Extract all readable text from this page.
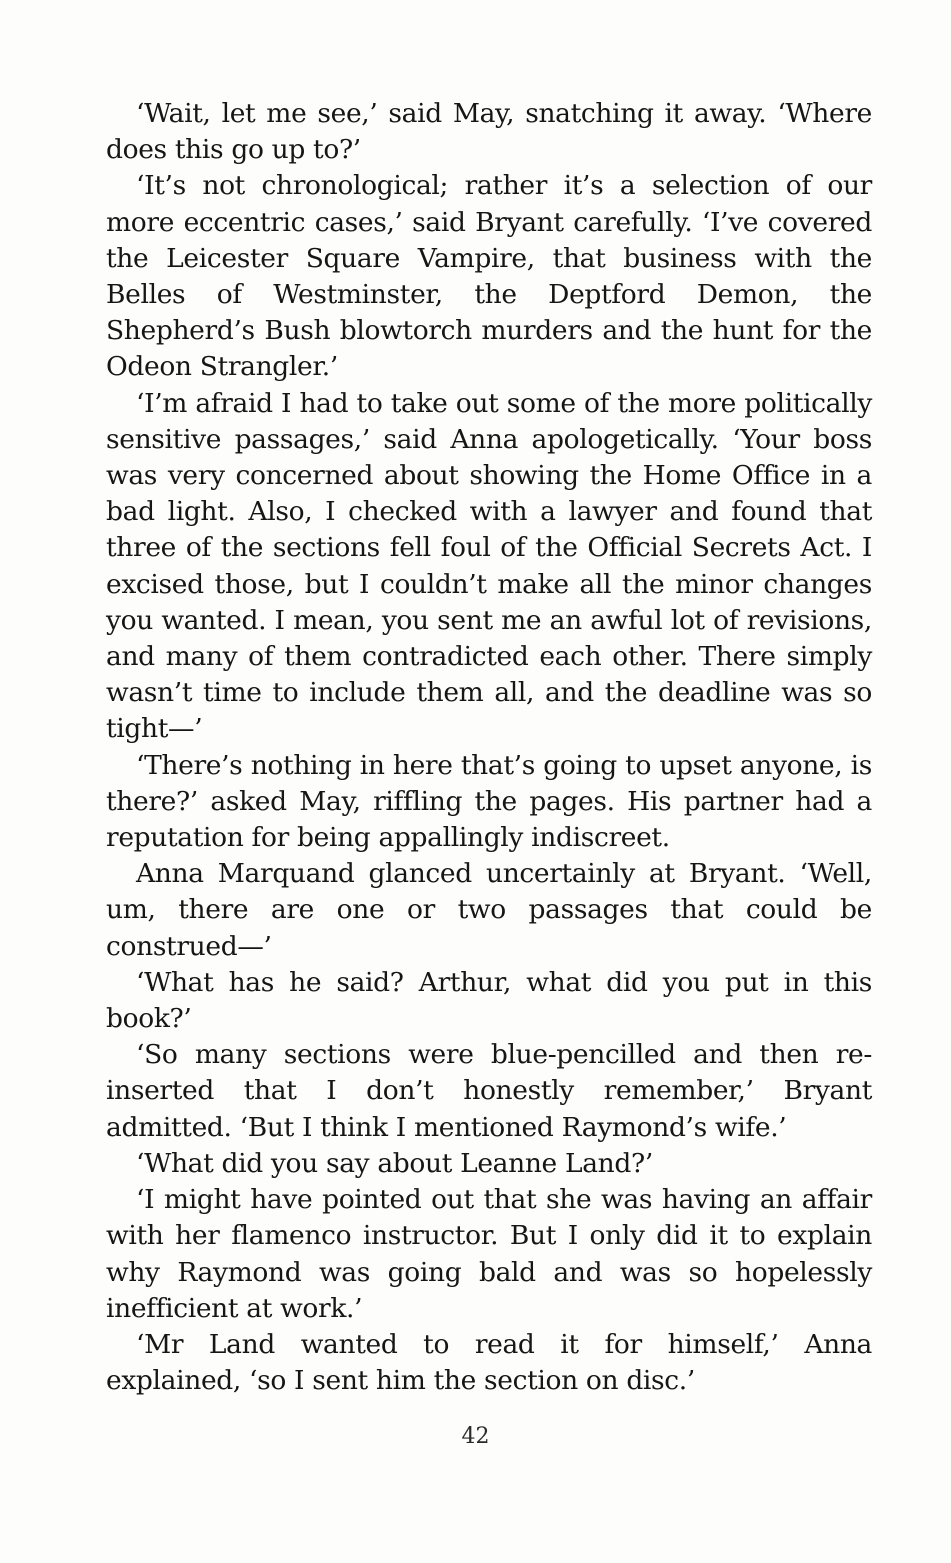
‘Wait, let me see,’ said May, snatching it away. ‘Where does this go up to?’

‘It’s not chronological; rather it’s a selection of our more eccentric cases,’ said Bryant carefully. ‘I’ve covered the Leicester Square Vampire, that business with the Belles of Westminster, the Deptford Demon, the Shepherd’s Bush blowtorch murders and the hunt for the Odeon Strangler.’

‘I’m afraid I had to take out some of the more politically sensitive passages,’ said Anna apologetically. ‘Your boss was very concerned about showing the Home Office in a bad light. Also, I checked with a lawyer and found that three of the sections fell foul of the Official Secrets Act. I excised those, but I couldn’t make all the minor changes you wanted. I mean, you sent me an awful lot of revisions, and many of them contradicted each other. There simply wasn’t time to include them all, and the deadline was so tight—’

‘There’s nothing in here that’s going to upset anyone, is there?’ asked May, riffling the pages. His partner had a reputation for being appallingly indiscreet.

Anna Marquand glanced uncertainly at Bryant. ‘Well, um, there are one or two passages that could be construed—’

‘What has he said? Arthur, what did you put in this book?’

‘So many sections were blue-pencilled and then re-inserted that I don’t honestly remember,’ Bryant admitted. ‘But I think I mentioned Raymond’s wife.’

‘What did you say about Leanne Land?’

‘I might have pointed out that she was having an affair with her flamenco instructor. But I only did it to explain why Raymond was going bald and was so hopelessly inefficient at work.’

‘Mr Land wanted to read it for himself,’ Anna explained, ‘so I sent him the section on disc.’

42
